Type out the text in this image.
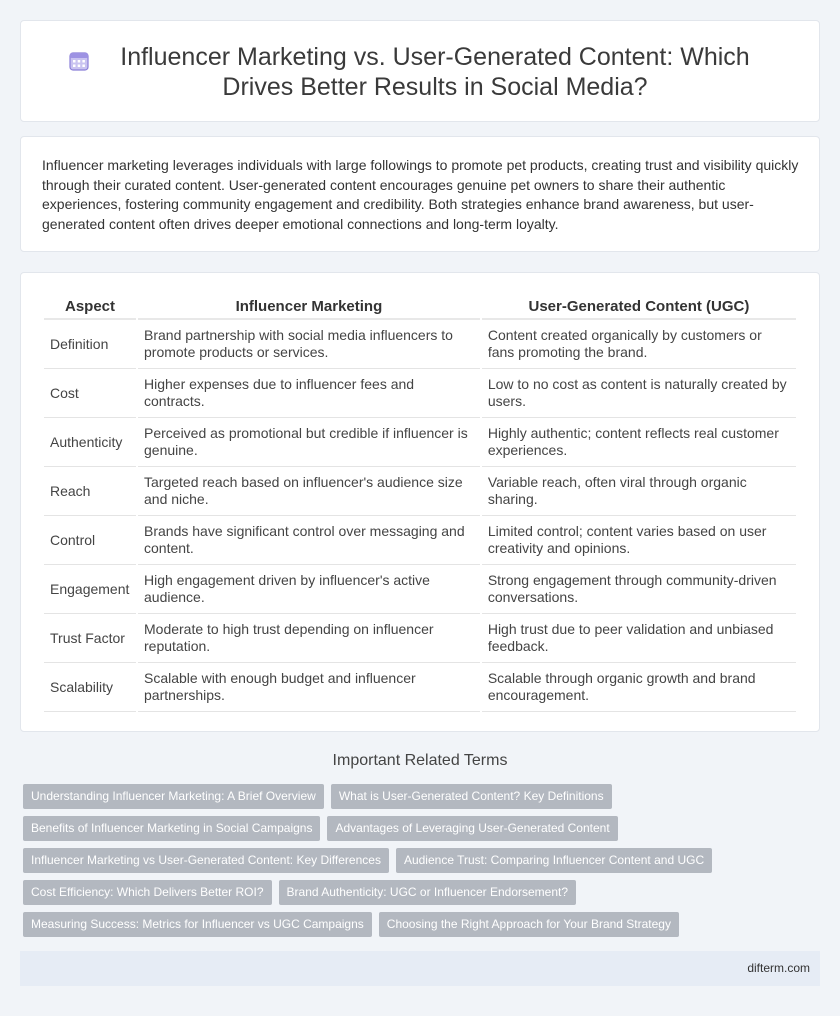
Influencer Marketing vs. User-Generated Content: Which Drives Better Results in Social Media?

Influencer marketing leverages individuals with large followings to promote pet products, creating trust and visibility quickly through their curated content. User-generated content encourages genuine pet owners to share their authentic experiences, fostering community engagement and credibility. Both strategies enhance brand awareness, but user-generated content often drives deeper emotional connections and long-term loyalty.

Aspect	Influencer Marketing	User-Generated Content (UGC)
Definition	Brand partnership with social media influencers to promote products or services.	Content created organically by customers or fans promoting the brand.
Cost	Higher expenses due to influencer fees and contracts.	Low to no cost as content is naturally created by users.
Authenticity	Perceived as promotional but credible if influencer is genuine.	Highly authentic; content reflects real customer experiences.
Reach	Targeted reach based on influencer's audience size and niche.	Variable reach, often viral through organic sharing.
Control	Brands have significant control over messaging and content.	Limited control; content varies based on user creativity and opinions.
Engagement	High engagement driven by influencer's active audience.	Strong engagement through community-driven conversations.
Trust Factor	Moderate to high trust depending on influencer reputation.	High trust due to peer validation and unbiased feedback.
Scalability	Scalable with enough budget and influencer partnerships.	Scalable through organic growth and brand encouragement.
Important Related Terms
Understanding Influencer Marketing: A Brief Overview	What is User-Generated Content? Key Definitions
Benefits of Influencer Marketing in Social Campaigns	Advantages of Leveraging User-Generated Content
Influencer Marketing vs User-Generated Content: Key Differences	Audience Trust: Comparing Influencer Content and UGC
Cost Efficiency: Which Delivers Better ROI?	Brand Authenticity: UGC or Influencer Endorsement?
Measuring Success: Metrics for Influencer vs UGC Campaigns	Choosing the Right Approach for Your Brand Strategy
difterm.com
